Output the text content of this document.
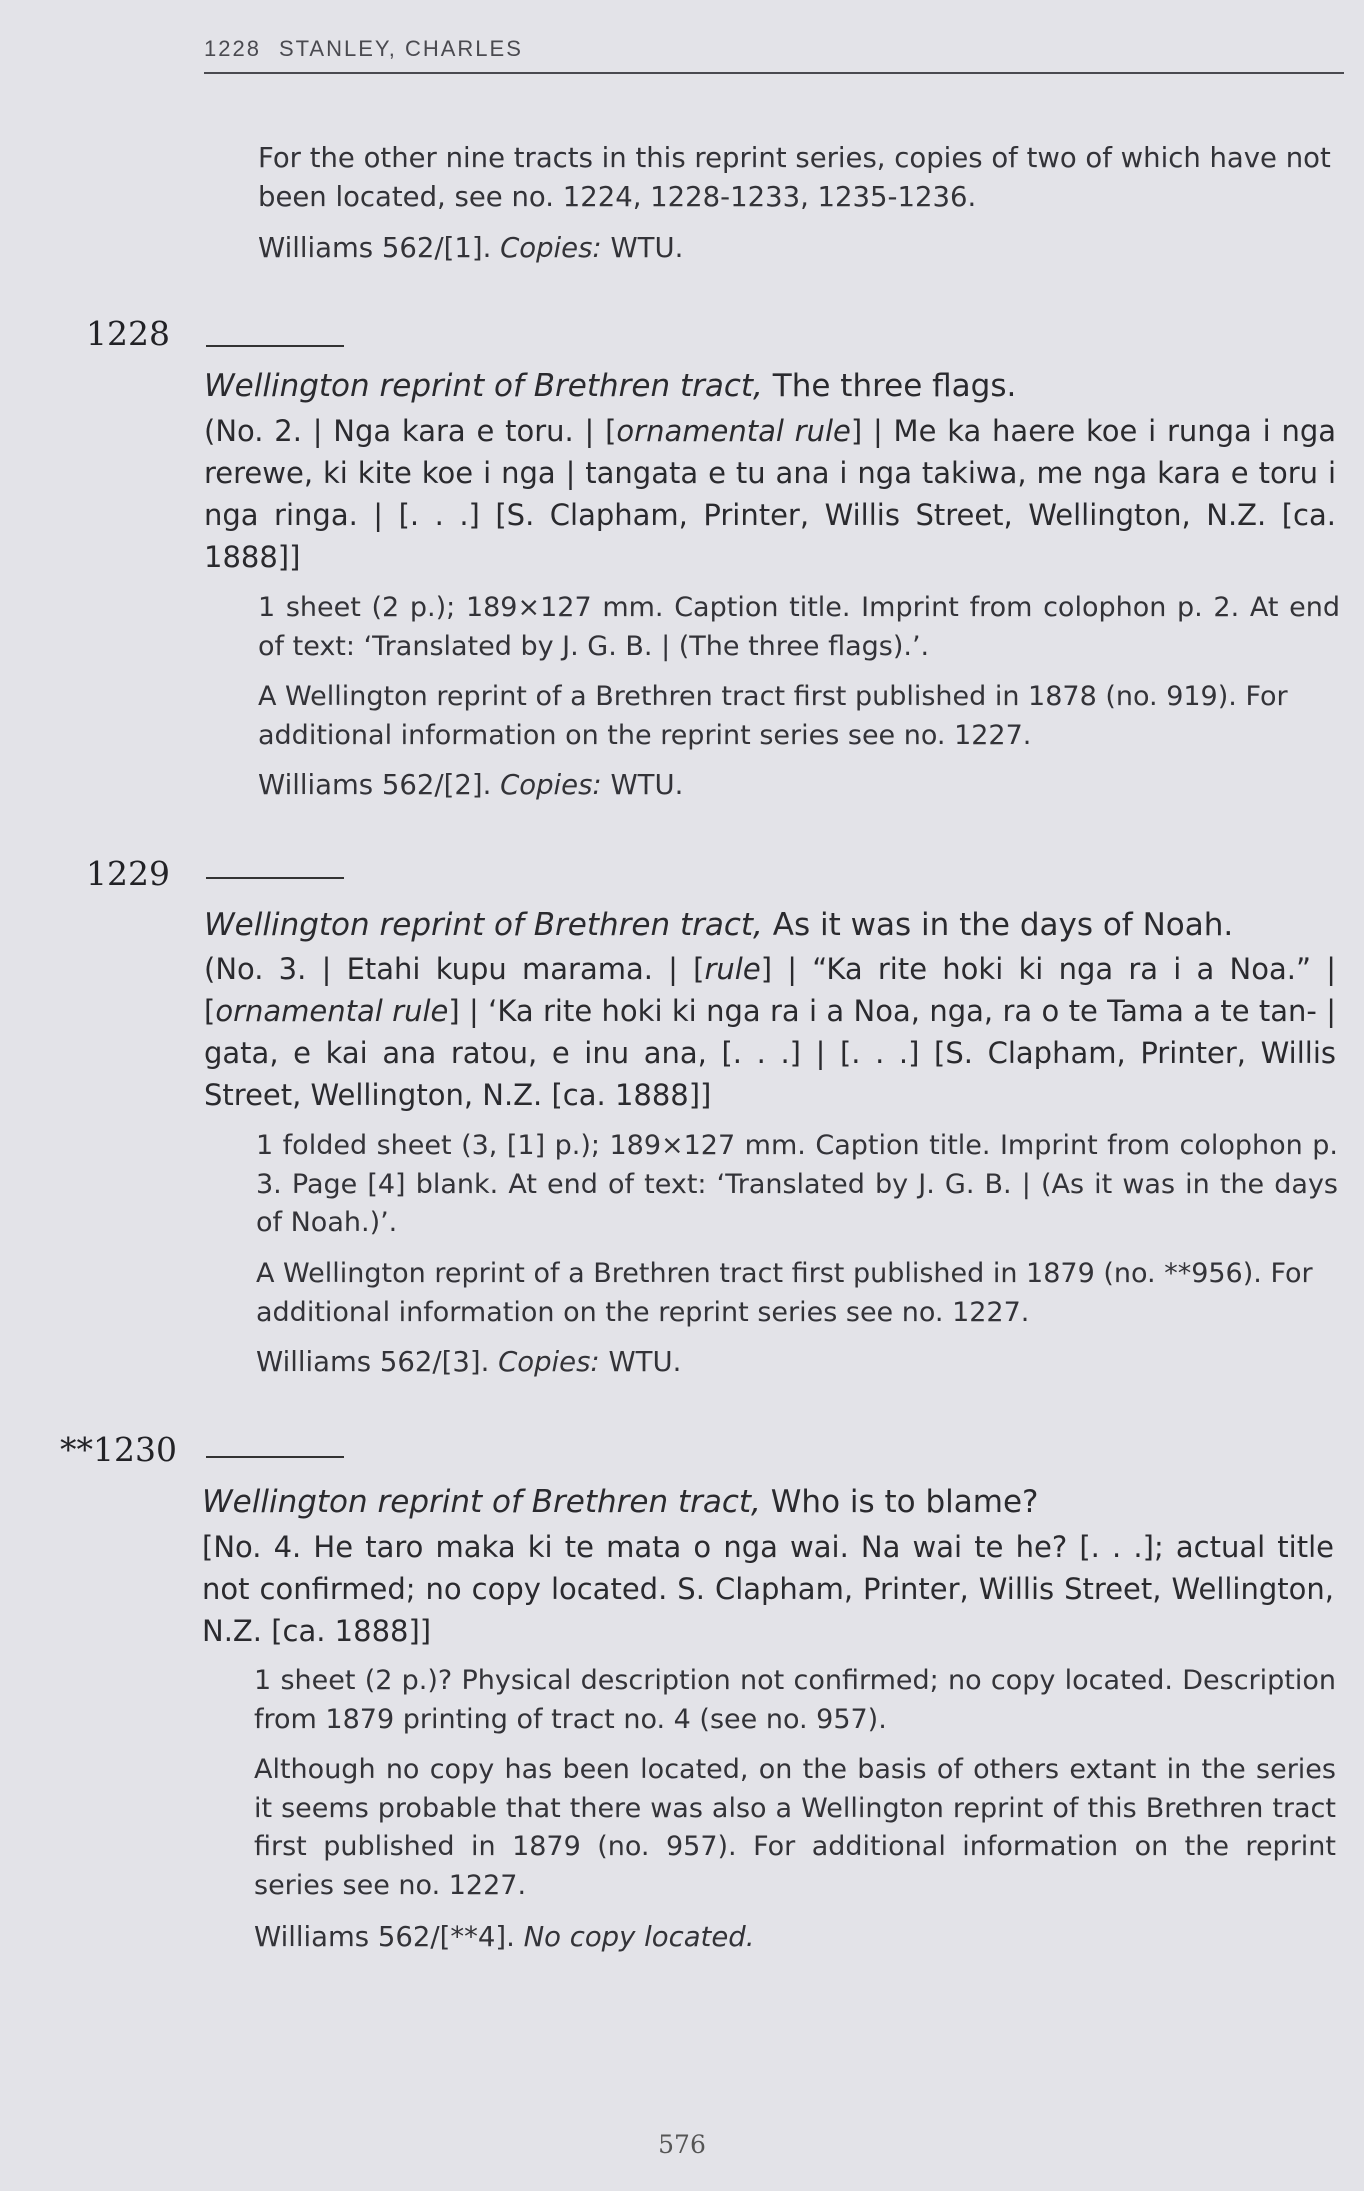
1228 STANLEY, CHARLES
For the other nine tracts in this reprint series, copies of two of which have not been located, see no. 1224, 1228-1233, 1235-1236.
Williams 562/[1]. Copies: WTU.
1228
Wellington reprint of Brethren tract, The three flags.
(No. 2. | Nga kara e toru. | [ornamental rule] | Me ka haere koe i runga i nga rerewe, ki kite koe i nga | tangata e tu ana i nga takiwa, me nga kara e toru i nga ringa. | [. . .] [S. Clapham, Printer, Willis Street, Wellington, N.Z. [ca. 1888]]
1 sheet (2 p.); 189×127 mm. Caption title. Imprint from colophon p. 2. At end of text: ‘Translated by J. G. B. | (The three flags).’.
A Wellington reprint of a Brethren tract first published in 1878 (no. 919). For additional information on the reprint series see no. 1227.
Williams 562/[2]. Copies: WTU.
1229
Wellington reprint of Brethren tract, As it was in the days of Noah.
(No. 3. | Etahi kupu marama. | [rule] | “Ka rite hoki ki nga ra i a Noa.” | [ornamental rule] | ‘Ka rite hoki ki nga ra i a Noa, nga, ra o te Tama a te tan- | gata, e kai ana ratou, e inu ana, [. . .] | [. . .] [S. Clapham, Printer, Willis Street, Wellington, N.Z. [ca. 1888]]
1 folded sheet (3, [1] p.); 189×127 mm. Caption title. Imprint from colophon p. 3. Page [4] blank. At end of text: ‘Translated by J. G. B. | (As it was in the days of Noah.)’.
A Wellington reprint of a Brethren tract first published in 1879 (no. **956). For additional information on the reprint series see no. 1227.
Williams 562/[3]. Copies: WTU.
**1230
Wellington reprint of Brethren tract, Who is to blame?
[No. 4. He taro maka ki te mata o nga wai. Na wai te he? [. . .]; actual title not confirmed; no copy located. S. Clapham, Printer, Willis Street, Wellington, N.Z. [ca. 1888]]
1 sheet (2 p.)? Physical description not confirmed; no copy located. Description from 1879 printing of tract no. 4 (see no. 957).
Although no copy has been located, on the basis of others extant in the series it seems probable that there was also a Wellington reprint of this Brethren tract first published in 1879 (no. 957). For additional information on the reprint series see no. 1227.
Williams 562/[**4]. No copy located.
576
